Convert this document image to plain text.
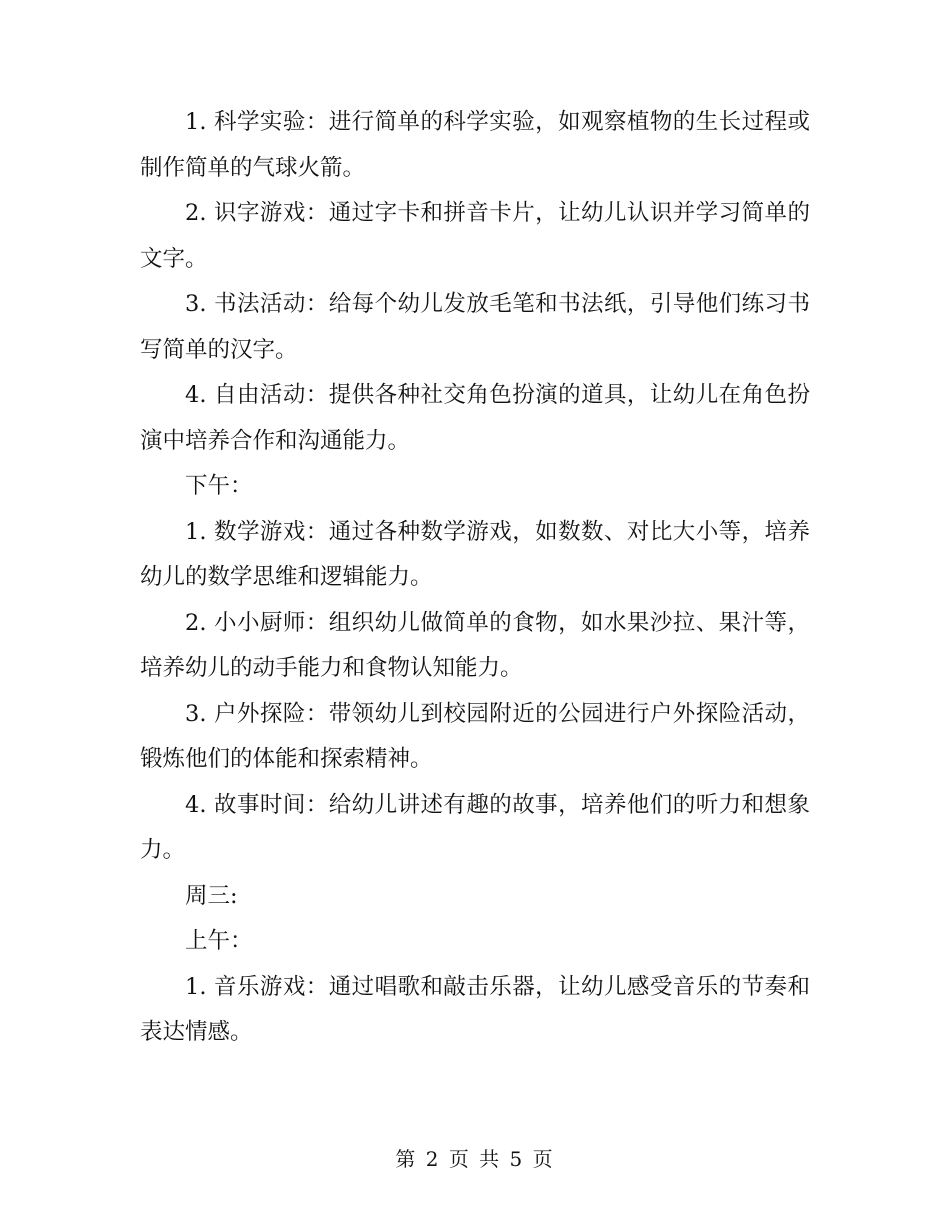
1. 科学实验：进行简单的科学实验，如观察植物的生长过程或制作简单的气球火箭。

2. 识字游戏：通过字卡和拼音卡片，让幼儿认识并学习简单的文字。

3. 书法活动：给每个幼儿发放毛笔和书法纸，引导他们练习书写简单的汉字。

4. 自由活动：提供各种社交角色扮演的道具，让幼儿在角色扮演中培养合作和沟通能力。

下午：

1. 数学游戏：通过各种数学游戏，如数数、对比大小等，培养幼儿的数学思维和逻辑能力。

2. 小小厨师：组织幼儿做简单的食物，如水果沙拉、果汁等，培养幼儿的动手能力和食物认知能力。

3. 户外探险：带领幼儿到校园附近的公园进行户外探险活动，锻炼他们的体能和探索精神。

4. 故事时间：给幼儿讲述有趣的故事，培养他们的听力和想象力。

周三:

上午：

1. 音乐游戏：通过唱歌和敲击乐器，让幼儿感受音乐的节奏和表达情感。

第 2 页 共 5 页
